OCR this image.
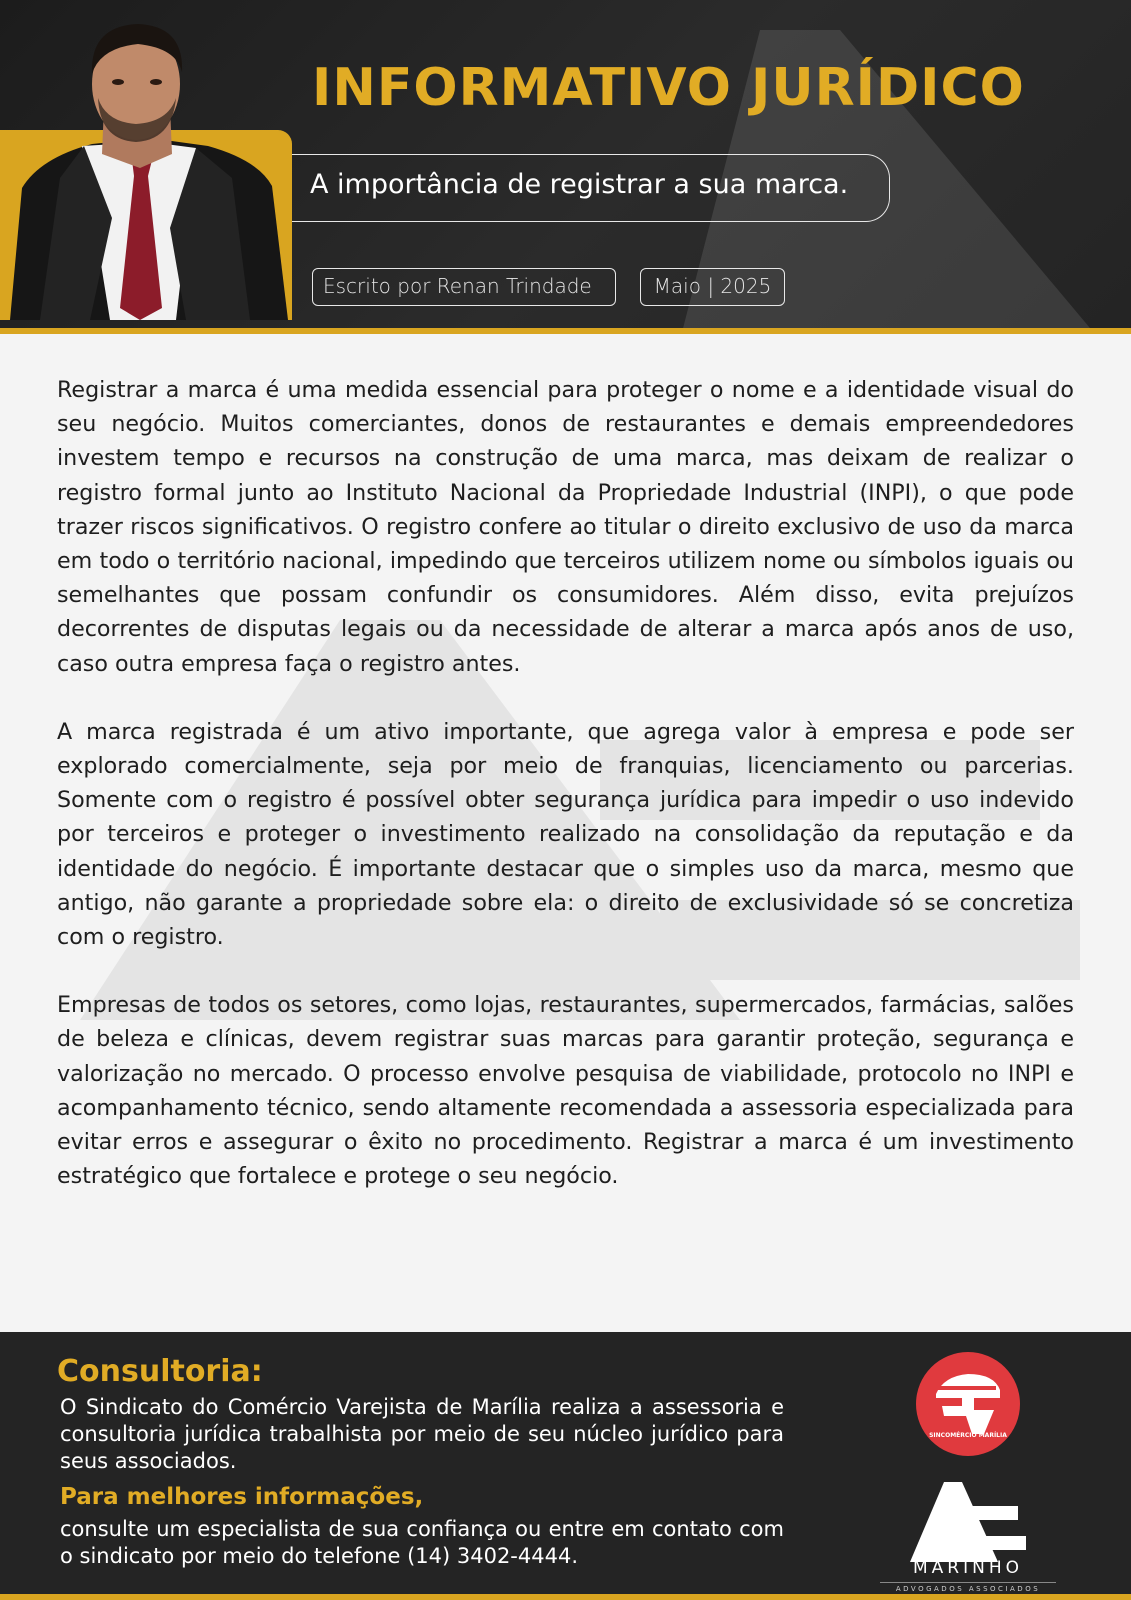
INFORMATIVO JURÍDICO
A importância de registrar a sua marca.
Escrito por Renan Trindade	Maio | 2025

Registrar a marca é uma medida essencial para proteger o nome e a identidade visual do seu negócio. Muitos comerciantes, donos de restaurantes e demais empreendedores investem tempo e recursos na construção de uma marca, mas deixam de realizar o registro formal junto ao Instituto Nacional da Propriedade Industrial (INPI), o que pode trazer riscos significativos. O registro confere ao titular o direito exclusivo de uso da marca em todo o território nacional, impedindo que terceiros utilizem nome ou símbolos iguais ou semelhantes que possam confundir os consumidores. Além disso, evita prejuízos decorrentes de disputas legais ou da necessidade de alterar a marca após anos de uso, caso outra empresa faça o registro antes.

A marca registrada é um ativo importante, que agrega valor à empresa e pode ser explorado comercialmente, seja por meio de franquias, licenciamento ou parcerias. Somente com o registro é possível obter segurança jurídica para impedir o uso indevido por terceiros e proteger o investimento realizado na consolidação da reputação e da identidade do negócio. É importante destacar que o simples uso da marca, mesmo que antigo, não garante a propriedade sobre ela: o direito de exclusividade só se concretiza com o registro.

Empresas de todos os setores, como lojas, restaurantes, supermercados, farmácias, salões de beleza e clínicas, devem registrar suas marcas para garantir proteção, segurança e valorização no mercado. O processo envolve pesquisa de viabilidade, protocolo no INPI e acompanhamento técnico, sendo altamente recomendada a assessoria especializada para evitar erros e assegurar o êxito no procedimento. Registrar a marca é um investimento estratégico que fortalece e protege o seu negócio.

Consultoria:

O Sindicato do Comércio Varejista de Marília realiza a assessoria e consultoria jurídica trabalhista por meio de seu núcleo jurídico para seus associados.

Para melhores informações,

consulte um especialista de sua confiança ou entre em contato com o sindicato por meio do telefone (14) 3402-4444.

SINCOMÉRCIO MARÍLIA
MARINHO
ADVOGADOS ASSOCIADOS
